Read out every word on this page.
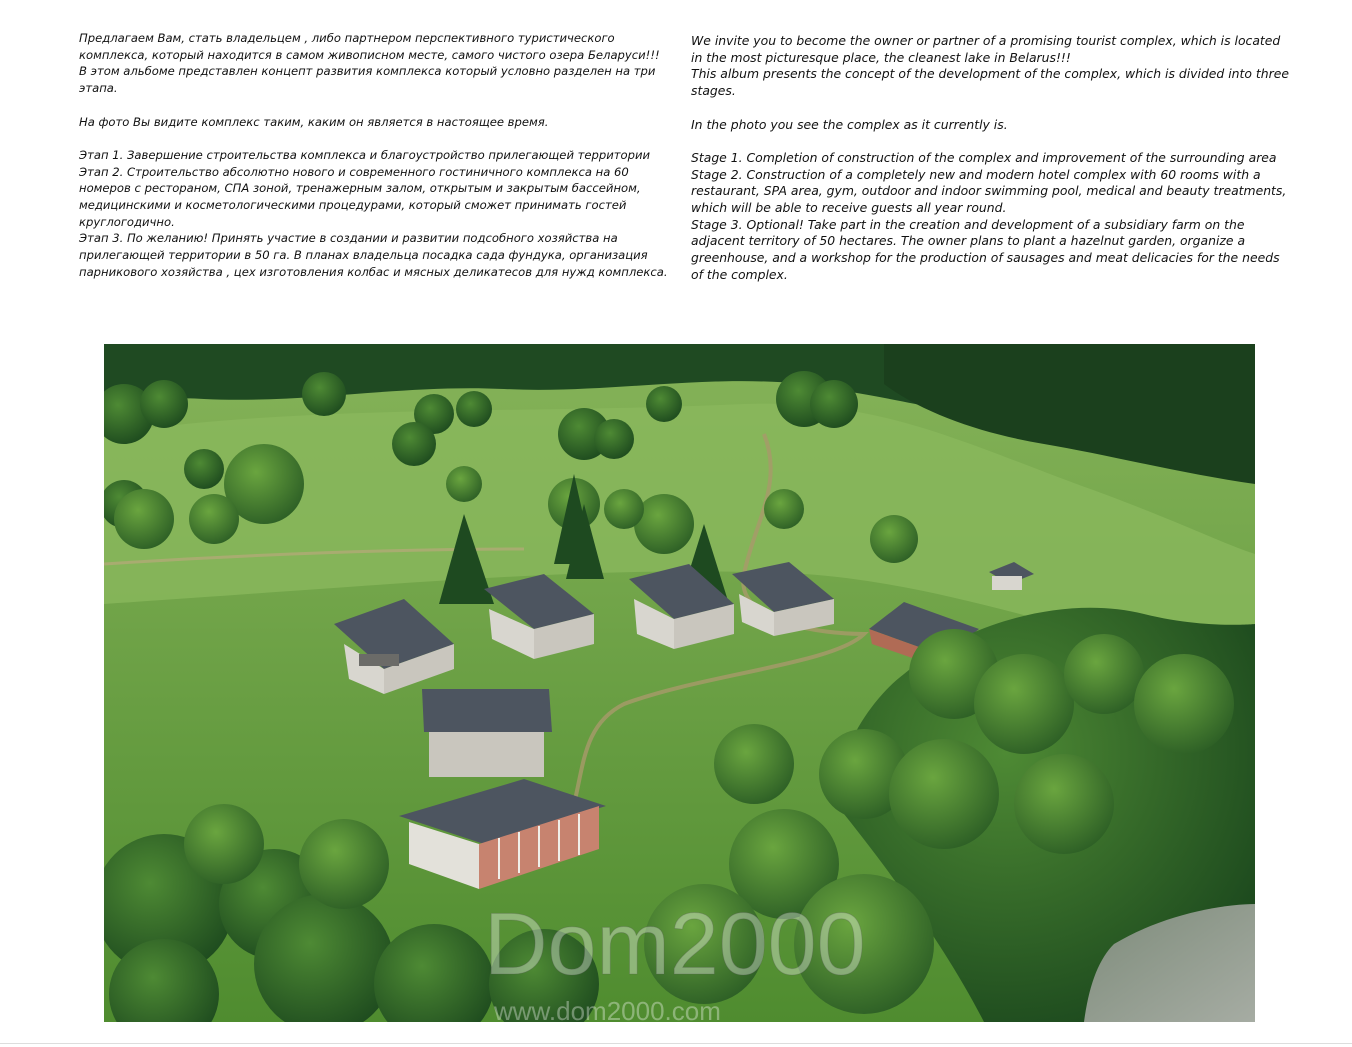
Предлагаем Вам, стать владельцем , либо партнером перспективного туристического комплекса, который находится в самом живописном месте, самого чистого озера Беларуси!!!

В этом альбоме представлен концепт развития комплекса который условно разделен на три этапа.

На фото Вы видите комплекс таким, каким он является в настоящее время.

Этап 1. Завершение строительства комплекса и благоустройство прилегающей территории

Этап 2. Строительство абсолютно нового и современного гостиничного комплекса на 60 номеров с рестораном, СПА зоной, тренажерным залом, открытым и закрытым бассейном, медицинскими и косметологическими процедурами, который сможет принимать гостей круглогодично.

Этап 3. По желанию! Принять участие в создании и развитии подсобного хозяйства на прилегающей территории в 50 га. В планах владельца посадка сада фундука, организация парникового хозяйства , цех изготовления колбас и мясных деликатесов для нужд комплекса.

We invite you to become the owner or partner of a promising tourist complex, which is located in the most picturesque place, the cleanest lake in Belarus!!!

This album presents the concept of the development of the complex, which is divided into three stages.

In the photo you see the complex as it currently is.

Stage 1. Completion of construction of the complex and improvement of the surrounding area

Stage 2. Construction of a completely new and modern hotel complex with 60 rooms with a restaurant, SPA area, gym, outdoor and indoor swimming pool, medical and beauty treatments, which will be able to receive guests all year round.

Stage 3. Optional! Take part in the creation and development of a subsidiary farm on the adjacent territory of 50 hectares. The owner plans to plant a hazelnut garden, organize a greenhouse, and a workshop for the production of sausages and meat delicacies for the needs of the complex.

Dom2000
www.dom2000.com
